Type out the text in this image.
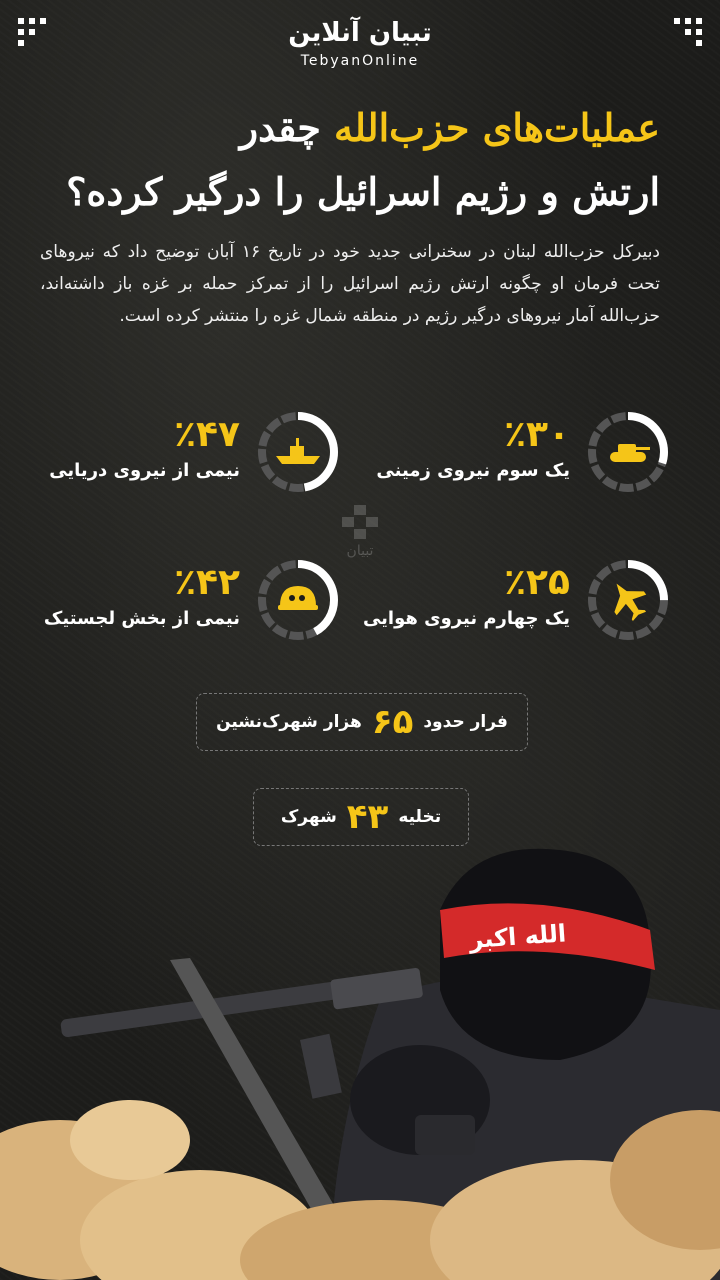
تبیان آنلاین
TebyanOnline
عملیات‌های حزب‌الله چقدر
ارتش و رژیم اسرائیل را درگیر کرده؟
دبیرکل حزب‌الله لبنان در سخنرانی جدید خود در تاریخ ۱۶ آبان توضیح داد که نیروهای تحت فرمان او چگونه ارتش رژیم اسرائیل را از تمرکز حمله بر غزه باز داشته‌اند، حزب‌الله آمار نیروهای درگیر رژیم در منطقه شمال غزه را منتشر کرده است.
٪۳۰
یک سوم نیروی زمینی
٪۴۷
نیمی از نیروی دریایی
٪۲۵
یک چهارم نیروی هوایی
٪۴۲
نیمی از بخش لجستیک
تبیان
فرار حدود
۶۵
هزار شهرک‌نشین
تخلیه
۴۳
شهرک
الله اکبر
